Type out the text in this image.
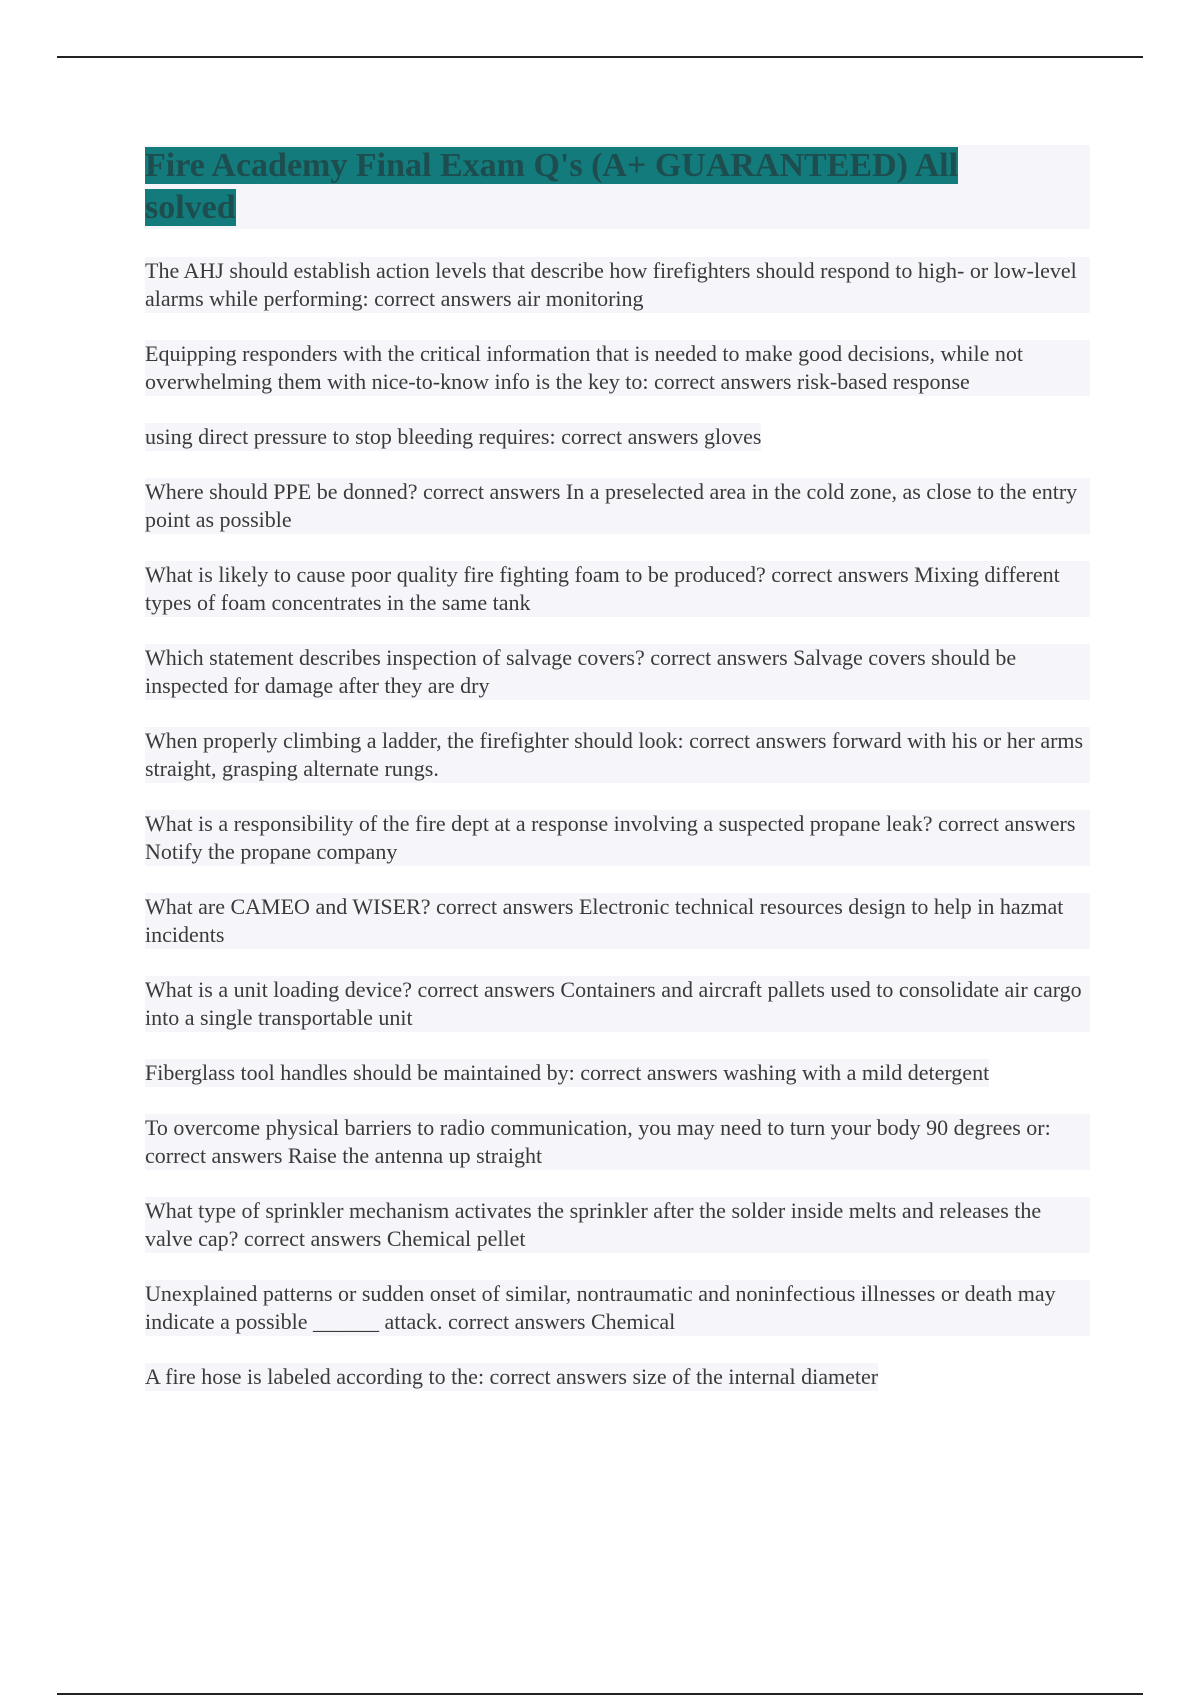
Fire Academy Final Exam Q's (A+ GUARANTEED) All solved
The AHJ should establish action levels that describe how firefighters should respond to high- or low-level alarms while performing: correct answers air monitoring
Equipping responders with the critical information that is needed to make good decisions, while not overwhelming them with nice-to-know info is the key to: correct answers risk-based response
using direct pressure to stop bleeding requires: correct answers gloves
Where should PPE be donned? correct answers In a preselected area in the cold zone, as close to the entry point as possible
What is likely to cause poor quality fire fighting foam to be produced? correct answers Mixing different types of foam concentrates in the same tank
Which statement describes inspection of salvage covers? correct answers Salvage covers should be inspected for damage after they are dry
When properly climbing a ladder, the firefighter should look: correct answers forward with his or her arms straight, grasping alternate rungs.
What is a responsibility of the fire dept at a response involving a suspected propane leak? correct answers Notify the propane company
What are CAMEO and WISER? correct answers Electronic technical resources design to help in hazmat incidents
What is a unit loading device? correct answers Containers and aircraft pallets used to consolidate air cargo into a single transportable unit
Fiberglass tool handles should be maintained by: correct answers washing with a mild detergent
To overcome physical barriers to radio communication, you may need to turn your body 90 degrees or: correct answers Raise the antenna up straight
What type of sprinkler mechanism activates the sprinkler after the solder inside melts and releases the valve cap? correct answers Chemical pellet
Unexplained patterns or sudden onset of similar, nontraumatic and noninfectious illnesses or death may indicate a possible ______ attack. correct answers Chemical
A fire hose is labeled according to the: correct answers size of the internal diameter
